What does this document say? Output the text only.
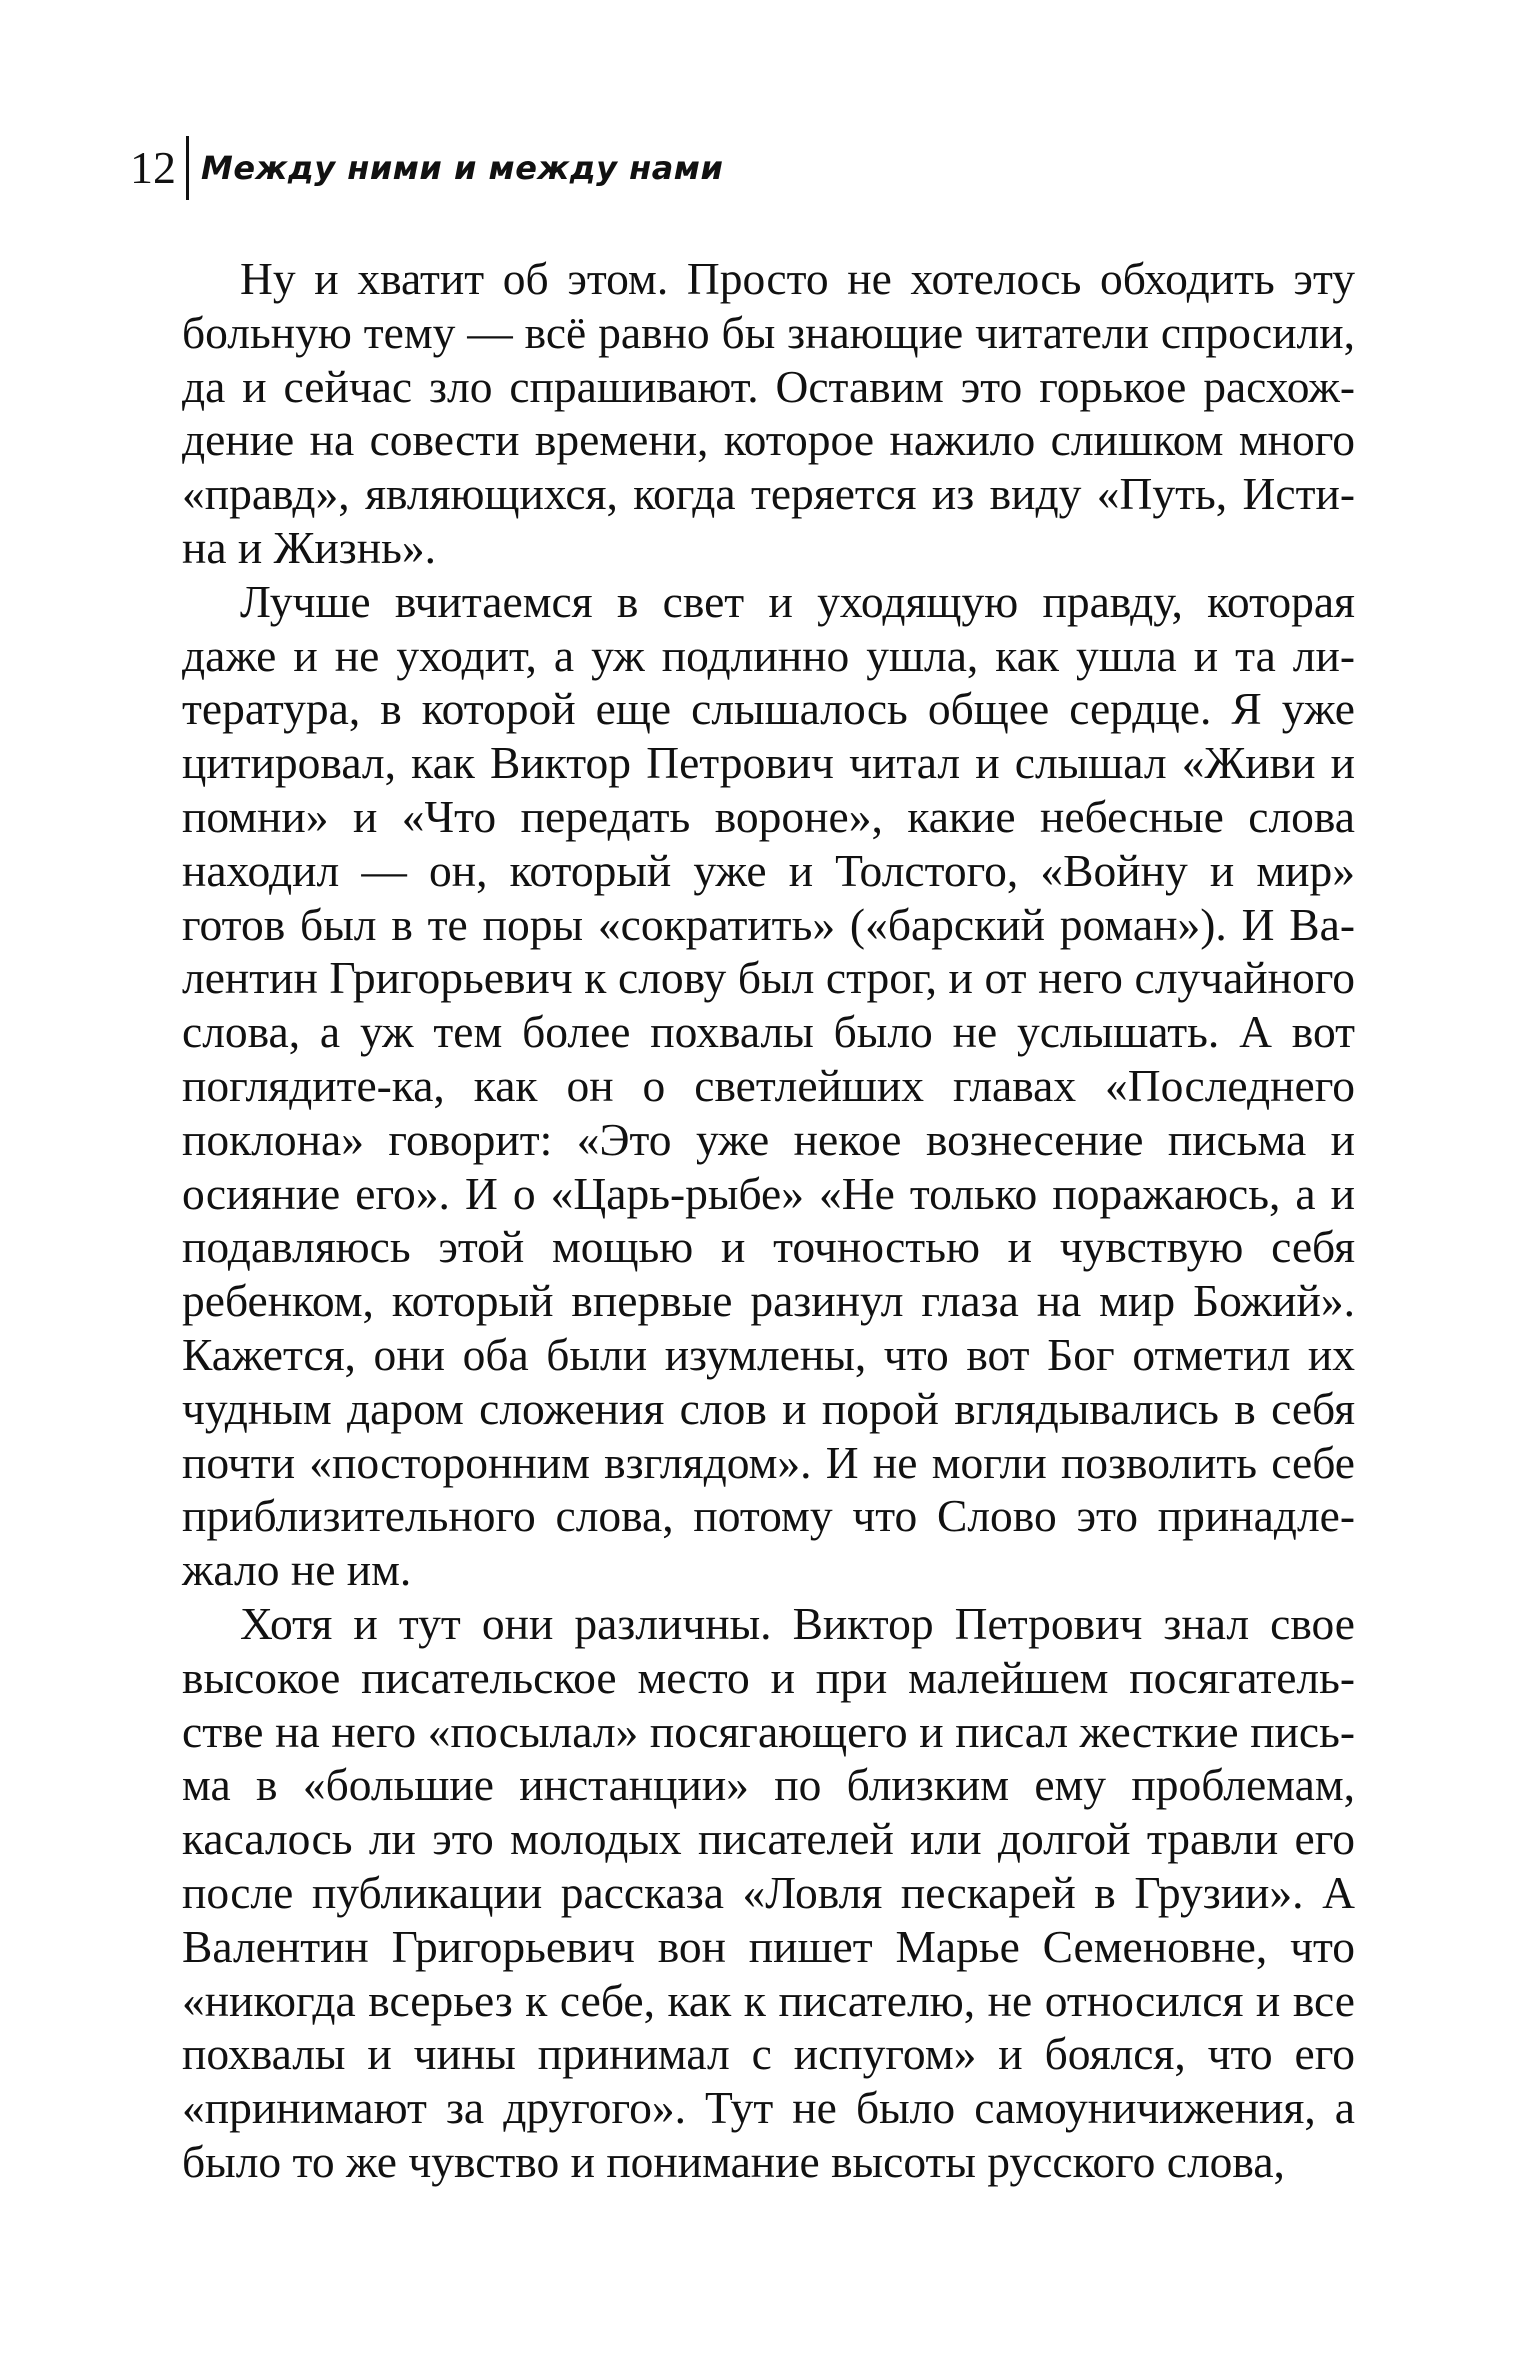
12 Между ними и между нами

Ну и хватит об этом. Просто не хотелось обходить эту больную тему — всё равно бы знающие читатели спросили, да и сейчас зло спрашивают. Оставим это горькое расхождение на совести времени, которое нажило слишком много «правд», являющихся, когда теряется из виду «Путь, Истина и Жизнь».

Лучше вчитаемся в свет и уходящую правду, которая даже и не уходит, а уж подлинно ушла, как ушла и та литература, в которой еще слышалось общее сердце. Я уже цитировал, как Виктор Петрович читал и слышал «Живи и помни» и «Что передать вороне», какие небесные слова находил — он, который уже и Толстого, «Войну и мир» готов был в те поры «сократить» («барский роман»). И Валентин Григорьевич к слову был строг, и от него случайного слова, а уж тем более похвалы было не услышать. А вот поглядите-ка, как он о светлейших главах «Последнего поклона» говорит: «Это уже некое вознесение письма и осияние его». И о «Царь-рыбе» «Не только поражаюсь, а и подавляюсь этой мощью и точностью и чувствую себя ребенком, который впервые разинул глаза на мир Божий». Кажется, они оба были изумлены, что вот Бог отметил их чудным даром сложения слов и порой вглядывались в себя почти «посторонним взглядом». И не могли позволить себе приблизительного слова, потому что Слово это принадлежало не им.

Хотя и тут они различны. Виктор Петрович знал свое высокое писательское место и при малейшем посягательстве на него «посылал» посягающего и писал жесткие письма в «большие инстанции» по близким ему проблемам, касалось ли это молодых писателей или долгой травли его после публикации рассказа «Ловля пескарей в Грузии». А Валентин Григорьевич вон пишет Марье Семеновне, что «никогда всерьез к себе, как к писателю, не относился и все похвалы и чины принимал с испугом» и боялся, что его «принимают за другого». Тут не было самоуничижения, а было то же чувство и понимание высоты русского слова,
